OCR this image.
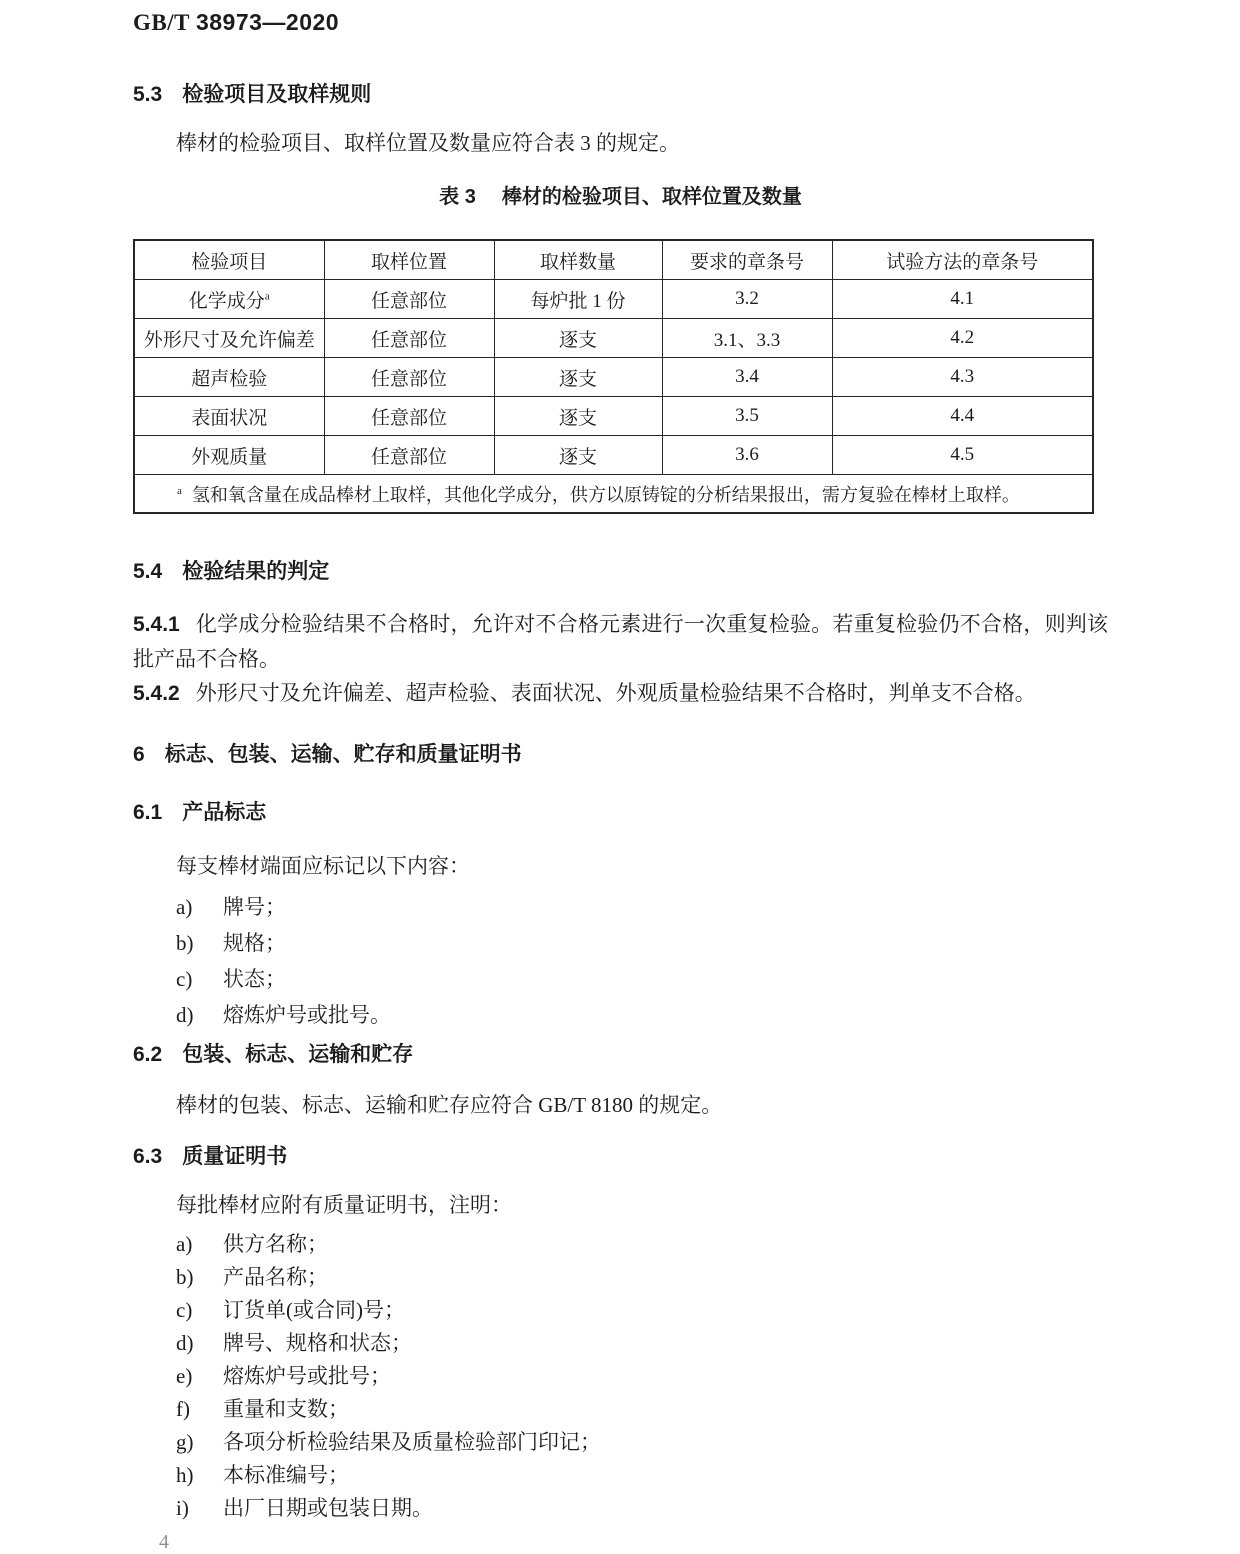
GB/T 38973—2020
5.3 检验项目及取样规则

棒材的检验项目、取样位置及数量应符合表 3 的规定。

表 3 棒材的检验项目、取样位置及数量
检验项目	取样位置	取样数量	要求的章条号	试验方法的章条号
化学成分$^a$	任意部位	每炉批 1 份	3.2	4.1
外形尺寸及允许偏差	任意部位	逐支	3.1、3.3	4.2
超声检验	任意部位	逐支	3.4	4.3
表面状况	任意部位	逐支	3.5	4.4
外观质量	任意部位	逐支	3.6	4.5
$^a$ 氢和氧含量在成品棒材上取样，其他化学成分，供方以原铸锭的分析结果报出，需方复验在棒材上取样。				
5.4 检验结果的判定

5.4.1 化学成分检验结果不合格时，允许对不合格元素进行一次重复检验。若重复检验仍不合格，则判该批产品不合格。

5.4.2 外形尺寸及允许偏差、超声检验、表面状况、外观质量检验结果不合格时，判单支不合格。

6 标志、包装、运输、贮存和质量证明书
6.1 产品标志

每支棒材端面应标记以下内容：

a)	牌号；
b)	规格；
c)	状态；
d)	熔炼炉号或批号。
6.2 包装、标志、运输和贮存

棒材的包装、标志、运输和贮存应符合 GB/T 8180 的规定。

6.3 质量证明书

每批棒材应附有质量证明书，注明：

a)	供方名称；
b)	产品名称；
c)	订货单(或合同)号；
d)	牌号、规格和状态；
e)	熔炼炉号或批号；
f)	重量和支数；
g)	各项分析检验结果及质量检验部门印记；
h)	本标准编号；
i)	出厂日期或包装日期。
4
